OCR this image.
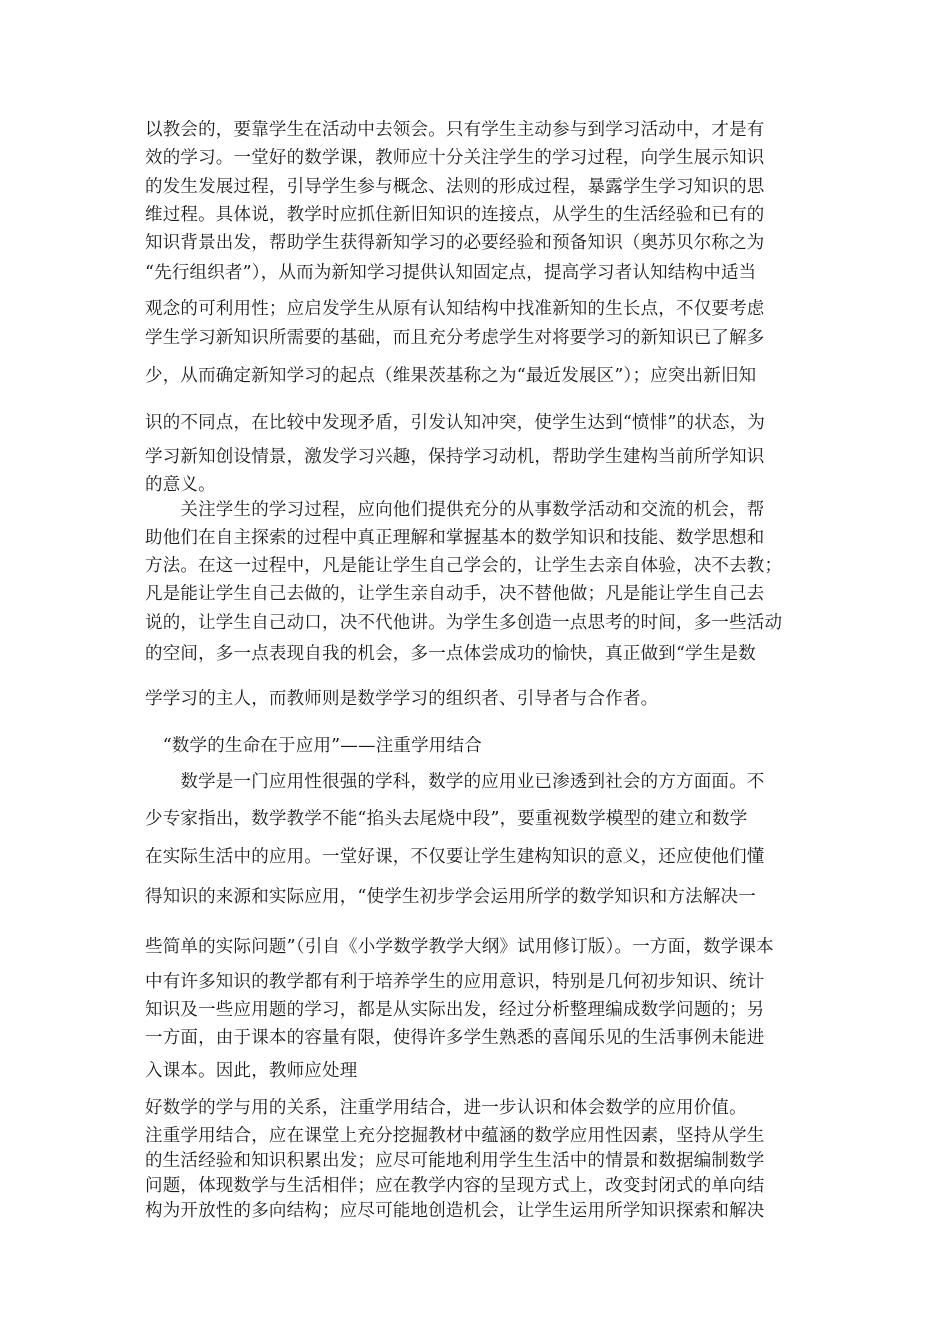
以教会的，要靠学生在活动中去领会。只有学生主动参与到学习活动中，才是有
效的学习。一堂好的数学课，教师应十分关注学生的学习过程，向学生展示知识
的发生发展过程，引导学生参与概念、法则的形成过程，暴露学生学习知识的思
维过程。具体说，教学时应抓住新旧知识的连接点，从学生的生活经验和已有的
知识背景出发，帮助学生获得新知学习的必要经验和预备知识（奥苏贝尔称之为
“先行组织者”），从而为新知学习提供认知固定点，提高学习者认知结构中适当
观念的可利用性；应启发学生从原有认知结构中找准新知的生长点，不仅要考虑
学生学习新知识所需要的基础，而且充分考虑学生对将要学习的新知识已了解多
少，从而确定新知学习的起点（维果茨基称之为“最近发展区”）；应突出新旧知
识的不同点，在比较中发现矛盾，引发认知冲突，使学生达到“愤悱”的状态，为
学习新知创设情景，激发学习兴趣，保持学习动机，帮助学生建构当前所学知识
的意义。
　　关注学生的学习过程，应向他们提供充分的从事数学活动和交流的机会，帮
助他们在自主探索的过程中真正理解和掌握基本的数学知识和技能、数学思想和
方法。在这一过程中，凡是能让学生自己学会的，让学生去亲自体验，决不去教；
凡是能让学生自己去做的，让学生亲自动手，决不替他做；凡是能让学生自己去
说的，让学生自己动口，决不代他讲。为学生多创造一点思考的时间，多一些活动
的空间，多一点表现自我的机会，多一点体尝成功的愉快，真正做到“学生是数
学学习的主人，而教师则是数学学习的组织者、引导者与合作者。
　“数学的生命在于应用”——注重学用结合
　　数学是一门应用性很强的学科，数学的应用业已渗透到社会的方方面面。不
少专家指出，数学教学不能“掐头去尾烧中段”，要重视数学模型的建立和数学
在实际生活中的应用。一堂好课，不仅要让学生建构知识的意义，还应使他们懂
得知识的来源和实际应用，“使学生初步学会运用所学的数学知识和方法解决一
些简单的实际问题”（引自《小学数学教学大纲》试用修订版）。一方面，数学课本
中有许多知识的教学都有利于培养学生的应用意识，特别是几何初步知识、统计
知识及一些应用题的学习，都是从实际出发，经过分析整理编成数学问题的；另
一方面，由于课本的容量有限，使得许多学生熟悉的喜闻乐见的生活事例未能进
入课本。因此，教师应处理
好数学的学与用的关系，注重学用结合，进一步认识和体会数学的应用价值。
注重学用结合，应在课堂上充分挖掘教材中蕴涵的数学应用性因素，坚持从学生
的生活经验和知识积累出发；应尽可能地利用学生生活中的情景和数据编制数学
问题，体现数学与生活相伴；应在教学内容的呈现方式上，改变封闭式的单向结
构为开放性的多向结构；应尽可能地创造机会，让学生运用所学知识探索和解决
